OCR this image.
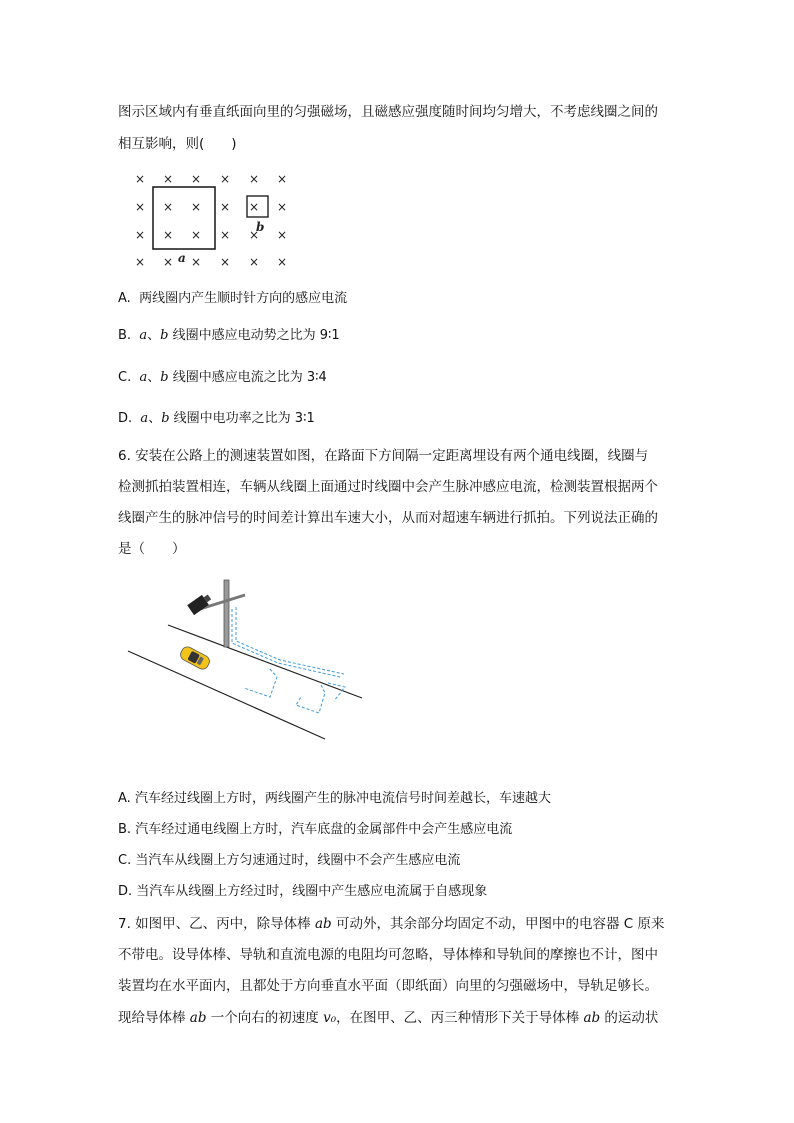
图示区域内有垂直纸面向里的匀强磁场，且磁感应强度随时间均匀增大，不考虑线圈之间的
相互影响，则(　　)
× × × × × ×
× × × × × ×
× × × × × ×
× × × × × ×
a
b
A. 两线圈内产生顺时针方向的感应电流
B. a、b 线圈中感应电动势之比为 9∶1
C. a、b 线圈中感应电流之比为 3∶4
D. a、b 线圈中电功率之比为 3∶1
6. 安装在公路上的测速装置如图，在路面下方间隔一定距离埋设有两个通电线圈，线圈与
检测抓拍装置相连，车辆从线圈上面通过时线圈中会产生脉冲感应电流，检测装置根据两个
线圈产生的脉冲信号的时间差计算出车速大小，从而对超速车辆进行抓拍。下列说法正确的
是（　　）
A. 汽车经过线圈上方时，两线圈产生的脉冲电流信号时间差越长，车速越大
B. 汽车经过通电线圈上方时，汽车底盘的金属部件中会产生感应电流
C. 当汽车从线圈上方匀速通过时，线圈中不会产生感应电流
D. 当汽车从线圈上方经过时，线圈中产生感应电流属于自感现象
7. 如图甲、乙、丙中，除导体棒 ab 可动外，其余部分均固定不动，甲图中的电容器 C 原来
不带电。设导体棒、导轨和直流电源的电阻均可忽略，导体棒和导轨间的摩擦也不计，图中
装置均在水平面内，且都处于方向垂直水平面（即纸面）向里的匀强磁场中，导轨足够长。
现给导体棒 ab 一个向右的初速度 v₀，在图甲、乙、丙三种情形下关于导体棒 ab 的运动状
